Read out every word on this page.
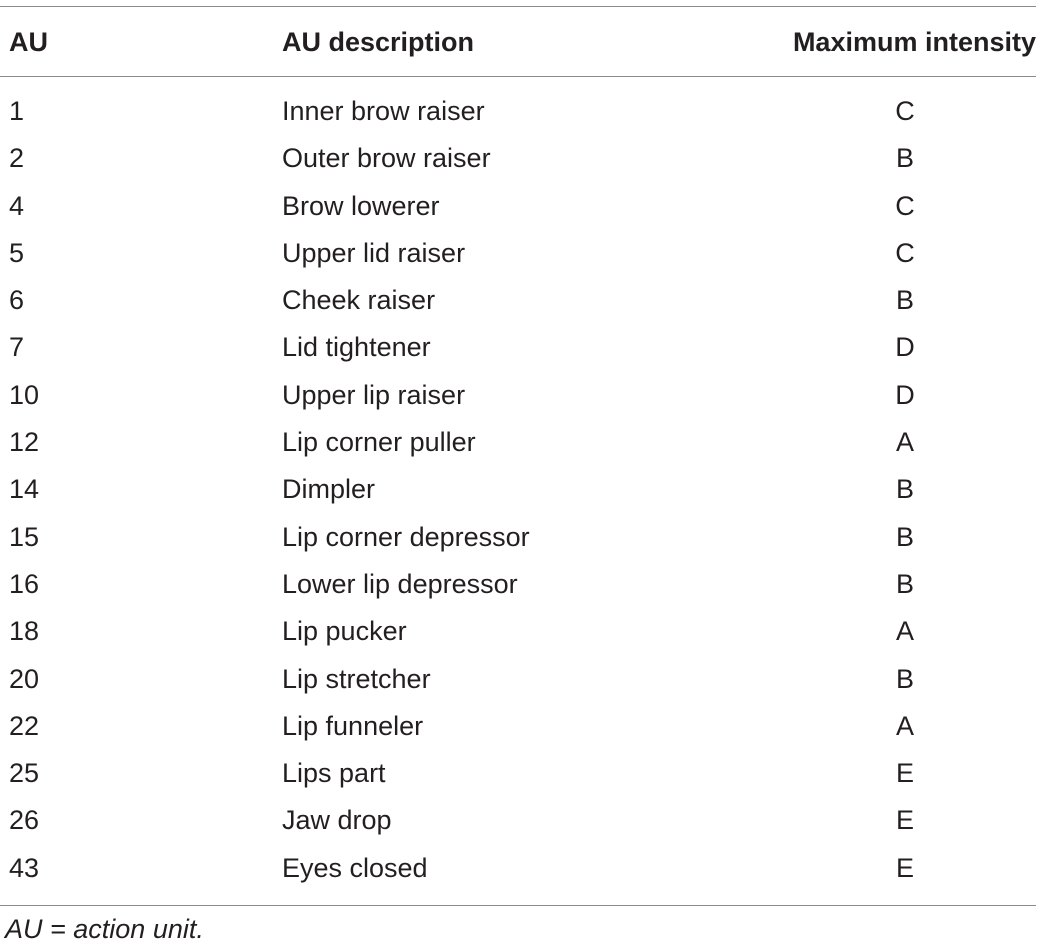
AU	AU description	Maximum intensity
1	Inner brow raiser	C
2	Outer brow raiser	B
4	Brow lowerer	C
5	Upper lid raiser	C
6	Cheek raiser	B
7	Lid tightener	D
10	Upper lip raiser	D
12	Lip corner puller	A
14	Dimpler	B
15	Lip corner depressor	B
16	Lower lip depressor	B
18	Lip pucker	A
20	Lip stretcher	B
22	Lip funneler	A
25	Lips part	E
26	Jaw drop	E
43	Eyes closed	E
AU = action unit.
